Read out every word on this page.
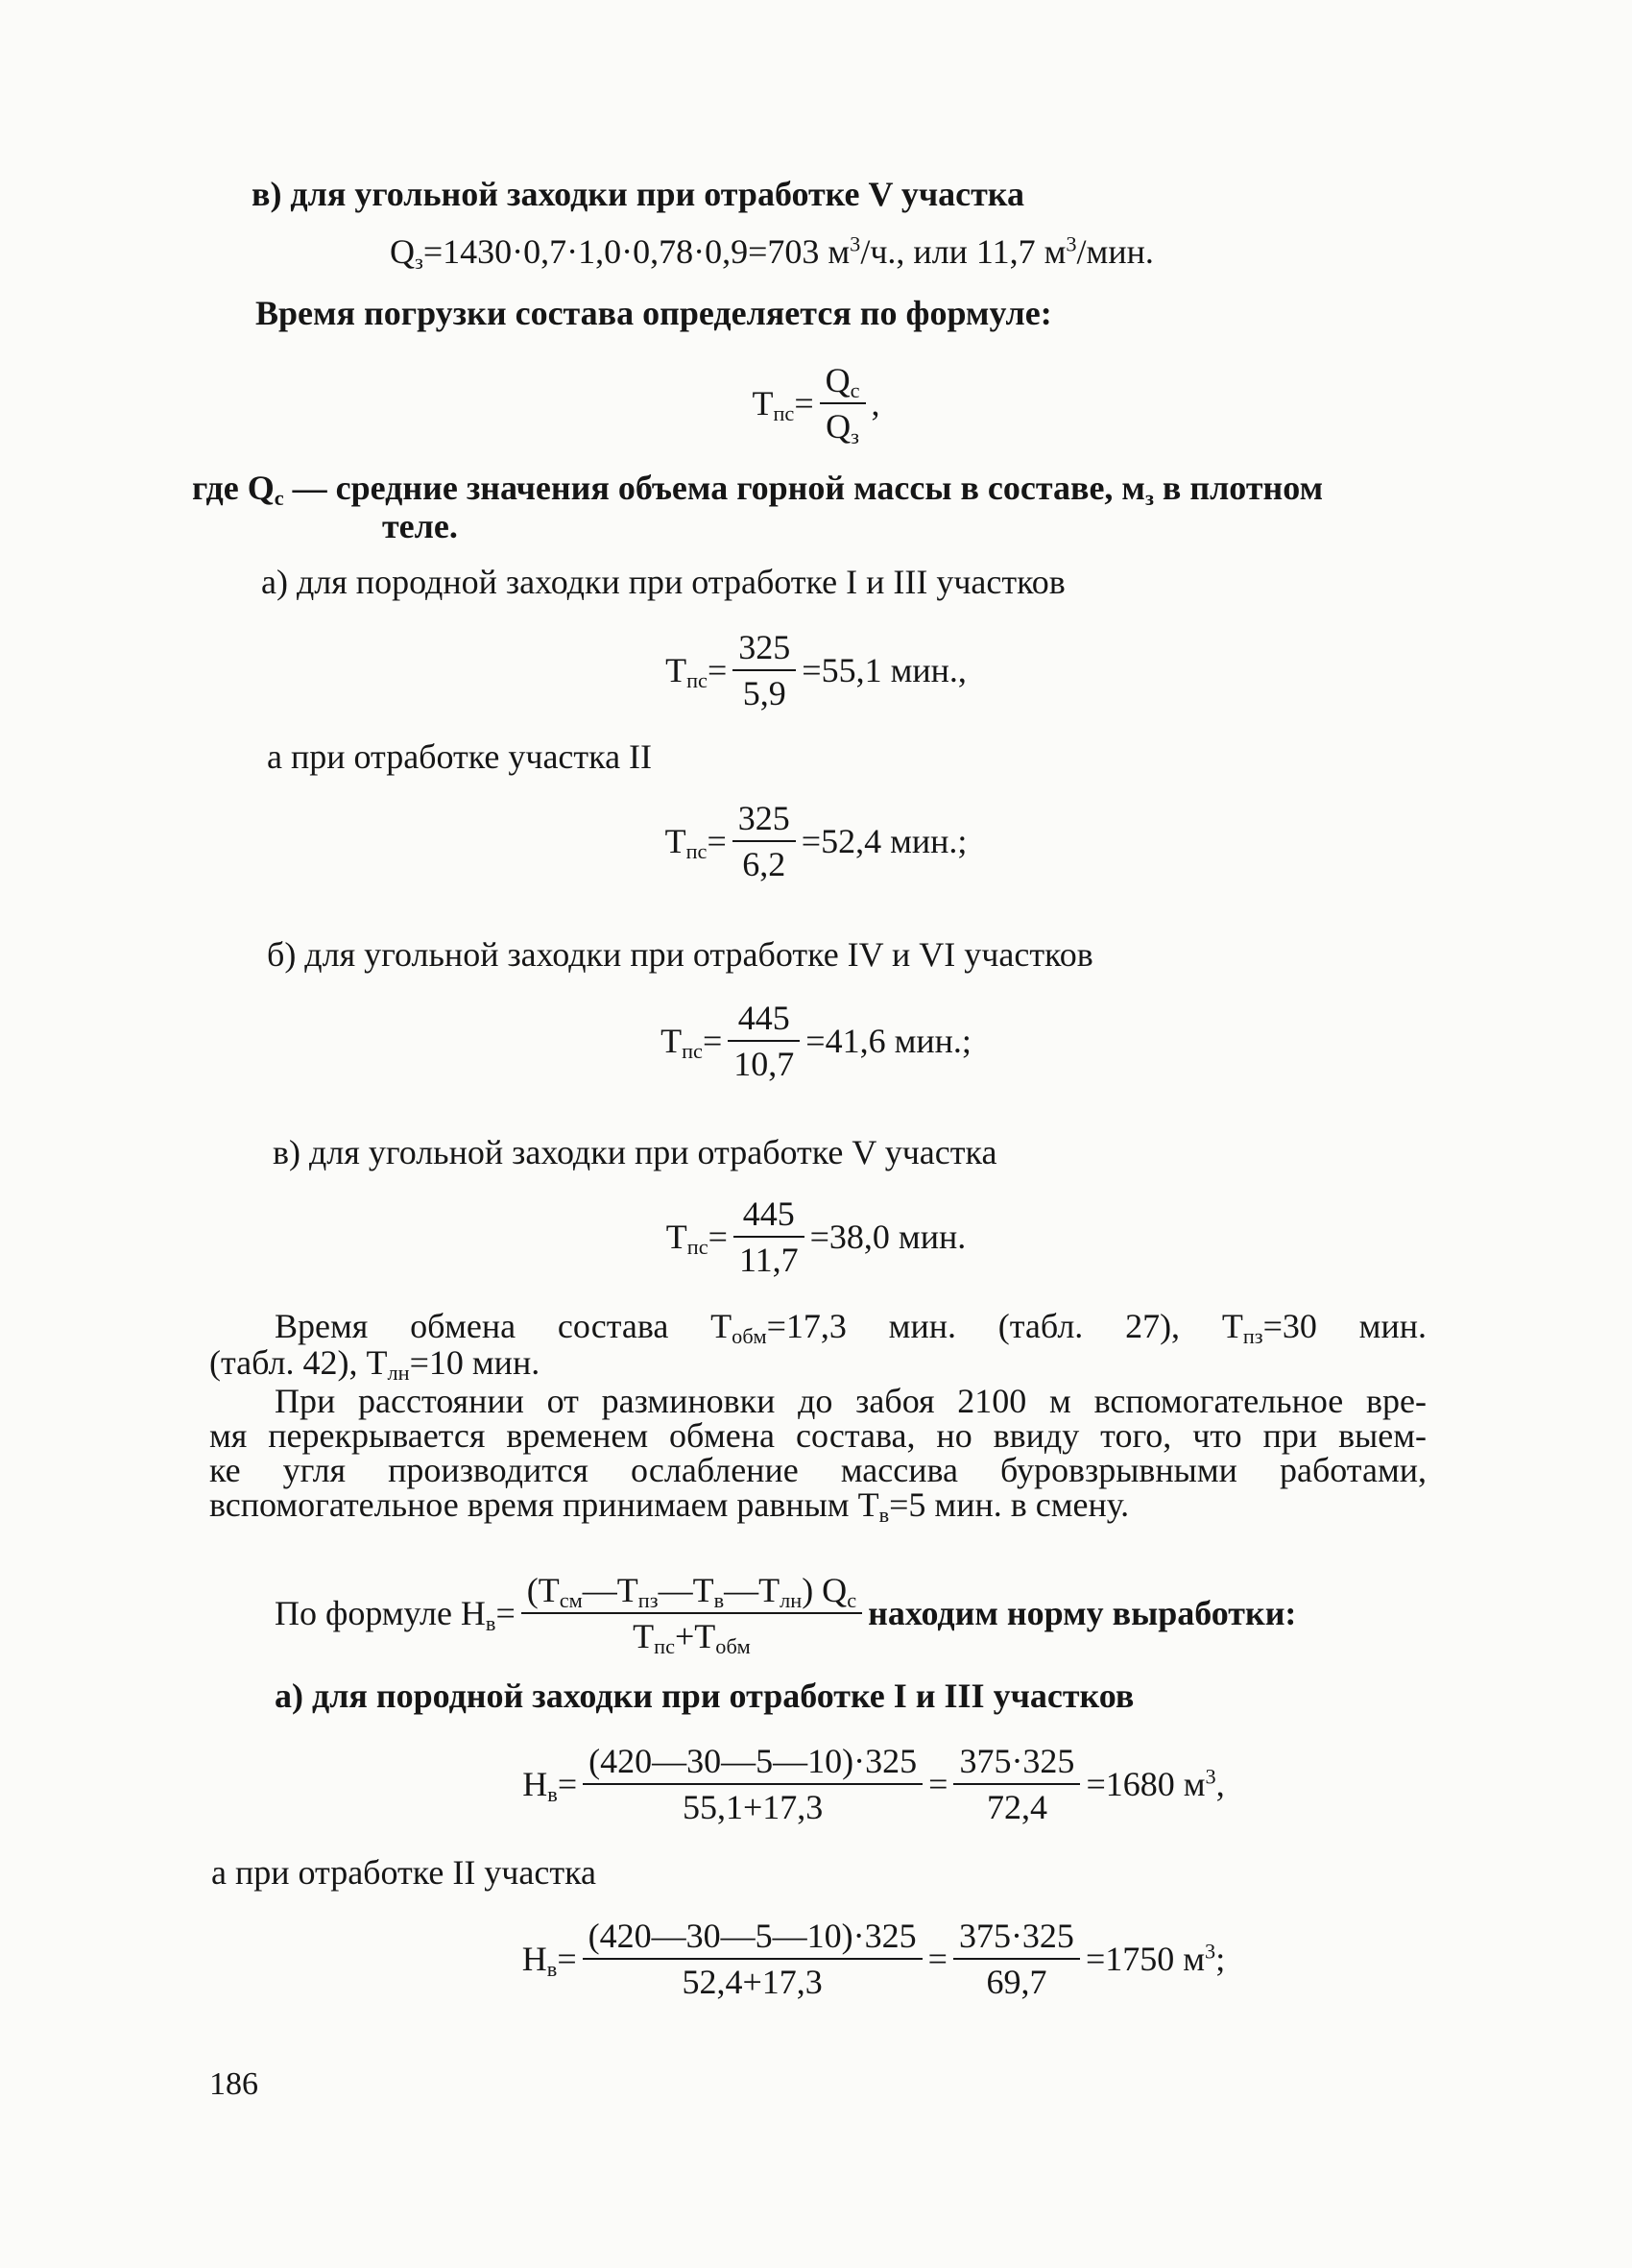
в) для угольной заходки при отработке V участка
$Q_з=1430\cdot 0,7\cdot 1,0\cdot 0,78\cdot 0,9=703$ $м^3/ч$., или 11,7 $м^3$/мин.
Время погрузки состава определяется по формуле:
$T_{пс}= \frac{Q_с}{Q_з}$ ,
где $Q_с$ — средние значения объема горной массы в составе, $м_з$ в плотном
теле.
а) для породной заходки при отработке I и III участков
$T_{пс}= \frac{325}{5,9} =55,1$ мин.,
а при отработке участка II
$T_{пс}= \frac{325}{6,2} =52,4$ мин.;
б) для угольной заходки при отработке IV и VI участков
$T_{пс}= \frac{445}{10,7} =41,6$ мин.;
в) для угольной заходки при отработке V участка
$T_{пс}= \frac{445}{11,7} =38,0$ мин.
Время обмена состава $T_{обм}=17,3$ мин. (табл. 27), $T_{пз}=30$ мин.
(табл. 42), $T_{лн}=10$ мин.
При расстоянии от разминовки до забоя 2100 м вспомогательное вре-
мя перекрывается временем обмена состава, но ввиду того, что при выем-
ке угля производится ослабление массива буровзрывными работами,
вспомогательное время принимаем равным $T_в=5$ мин. в смену.
По формуле $H_в= \frac{(T_{см}—T_{пз}—T_в—T_{лн}) Q_с}{T_{пс}+T_{обм}}$ находим норму выработки:
а) для породной заходки при отработке I и III участков
$H_в= \frac{(420—30—5—10)\cdot 325}{55,1+17,3} = \frac{375\cdot 325}{72,4} =1680$ $м^3$,
а при отработке II участка
$H_в= \frac{(420—30—5—10)\cdot 325}{52,4+17,3} = \frac{375\cdot 325}{69,7} =1750$ $м^3$;
186
